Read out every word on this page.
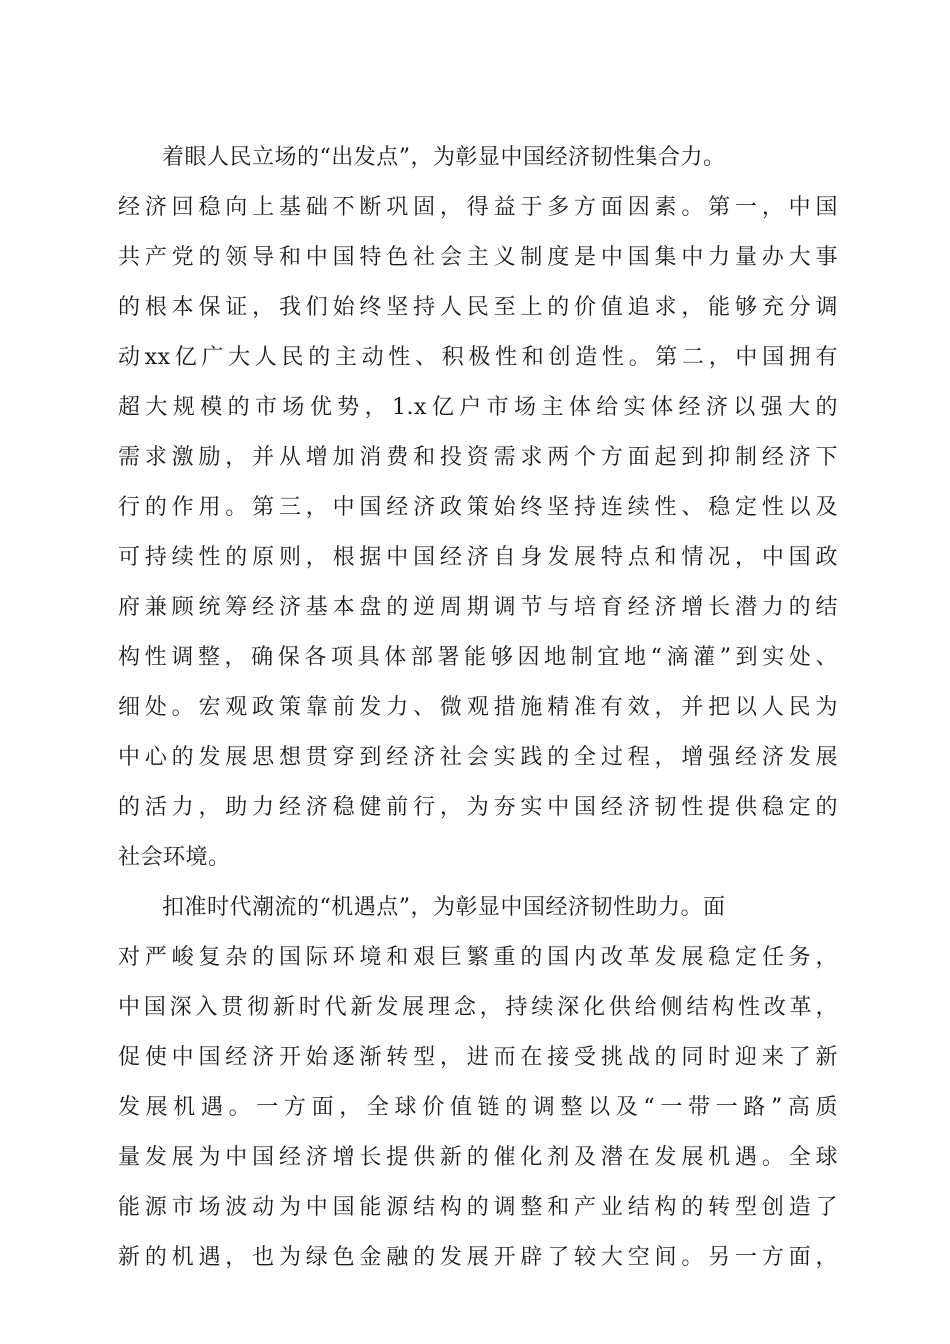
着眼人民立场的“出发点”，为彰显中国经济韧性集合力。
经济回稳向上基础不断巩固，得益于多方面因素。第一，中国
共产党的领导和中国特色社会主义制度是中国集中力量办大事
的根本保证，我们始终坚持人民至上的价值追求，能够充分调
动xx亿广大人民的主动性、积极性和创造性。第二，中国拥有
超大规模的市场优势，1.x亿户市场主体给实体经济以强大的
需求激励，并从增加消费和投资需求两个方面起到抑制经济下
行的作用。第三，中国经济政策始终坚持连续性、稳定性以及
可持续性的原则，根据中国经济自身发展特点和情况，中国政
府兼顾统筹经济基本盘的逆周期调节与培育经济增长潜力的结
构性调整，确保各项具体部署能够因地制宜地“滴灌”到实处、
细处。宏观政策靠前发力、微观措施精准有效，并把以人民为
中心的发展思想贯穿到经济社会实践的全过程，增强经济发展
的活力，助力经济稳健前行，为夯实中国经济韧性提供稳定的
社会环境。
扣准时代潮流的“机遇点”，为彰显中国经济韧性助力。面
对严峻复杂的国际环境和艰巨繁重的国内改革发展稳定任务，
中国深入贯彻新时代新发展理念，持续深化供给侧结构性改革，
促使中国经济开始逐渐转型，进而在接受挑战的同时迎来了新
发展机遇。一方面，全球价值链的调整以及“一带一路”高质
量发展为中国经济增长提供新的催化剂及潜在发展机遇。全球
能源市场波动为中国能源结构的调整和产业结构的转型创造了
新的机遇，也为绿色金融的发展开辟了较大空间。另一方面，
